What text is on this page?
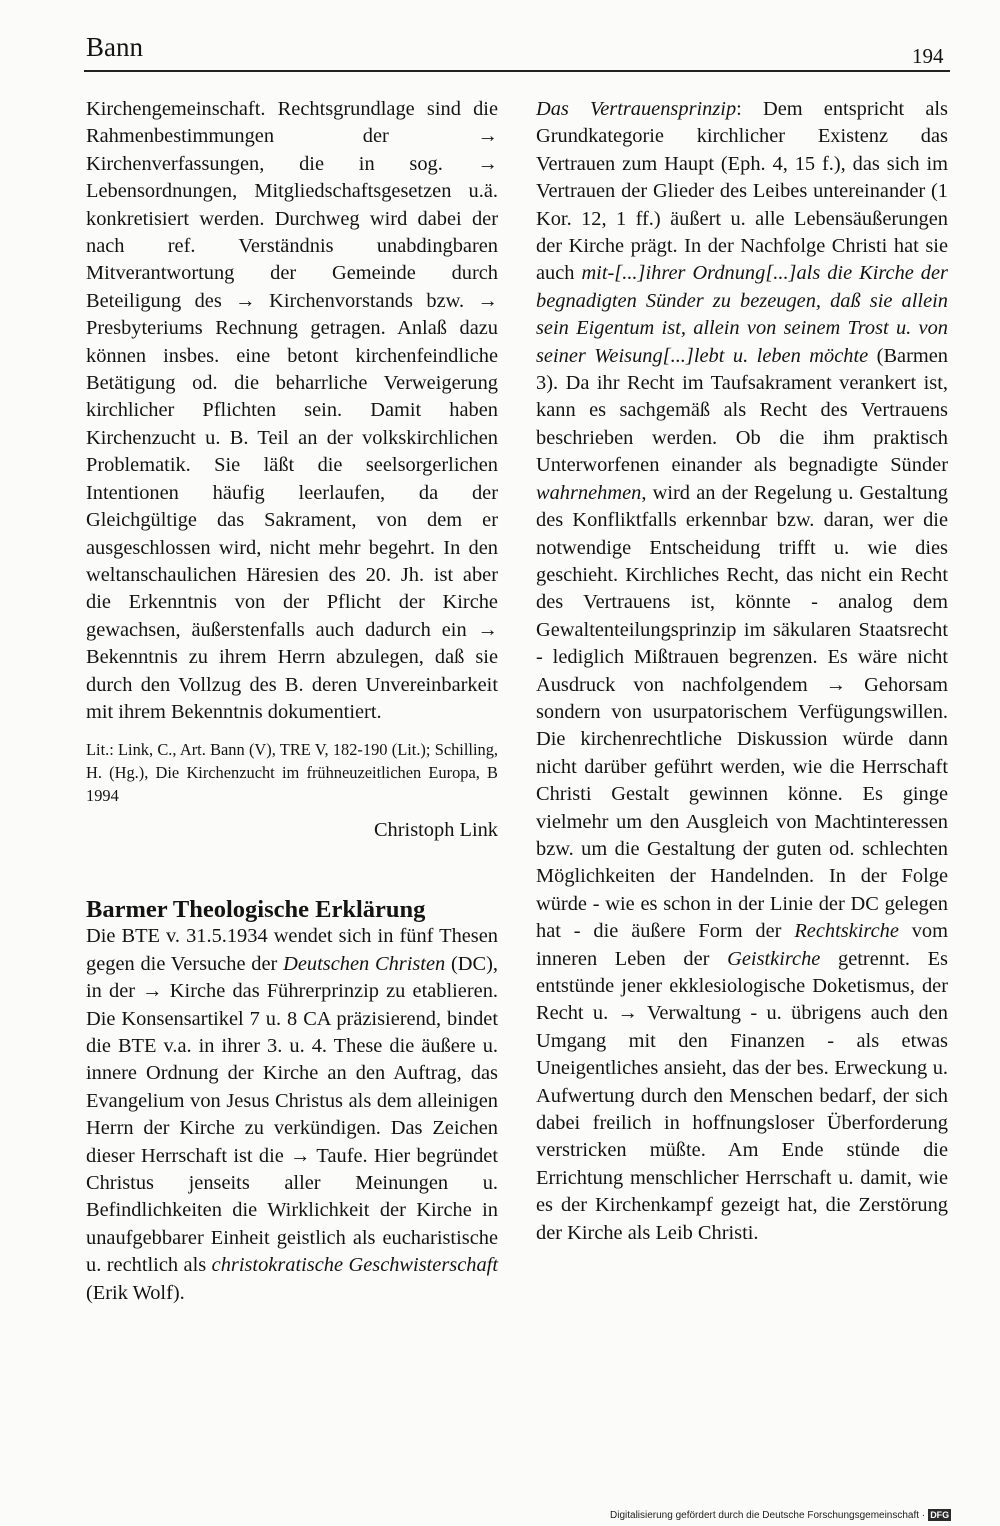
Bann	194

Kirchengemeinschaft. Rechtsgrundlage sind die Rahmenbestimmungen der → Kirchenverfassungen, die in sog. → Lebensordnungen, Mitgliedschaftsgesetzen u.ä. konkretisiert werden. Durchweg wird dabei der nach ref. Verständnis unabdingbaren Mitverantwortung der Gemeinde durch Beteiligung des → Kirchenvorstands bzw. → Presbyteriums Rechnung getragen. Anlaß dazu können insbes. eine betont kirchenfeindliche Betätigung od. die beharrliche Verweigerung kirchlicher Pflichten sein. Damit haben Kirchenzucht u. B. Teil an der volkskirchlichen Problematik. Sie läßt die seelsorgerlichen Intentionen häufig leerlaufen, da der Gleichgültige das Sakrament, von dem er ausgeschlossen wird, nicht mehr begehrt. In den weltanschaulichen Häresien des 20. Jh. ist aber die Erkenntnis von der Pflicht der Kirche gewachsen, äußerstenfalls auch dadurch ein → Bekenntnis zu ihrem Herrn abzulegen, daß sie durch den Vollzug des B. deren Unvereinbarkeit mit ihrem Bekenntnis dokumentiert.

Lit.: Link, C., Art. Bann (V), TRE V, 182-190 (Lit.); Schilling, H. (Hg.), Die Kirchenzucht im frühneuzeitlichen Europa, B 1994
Christoph Link
Barmer Theologische Erklärung

Die BTE v. 31.5.1934 wendet sich in fünf Thesen gegen die Versuche der Deutschen Christen (DC), in der → Kirche das Führerprinzip zu etablieren. Die Konsensartikel 7 u. 8 CA präzisierend, bindet die BTE v.a. in ihrer 3. u. 4. These die äußere u. innere Ordnung der Kirche an den Auftrag, das Evangelium von Jesus Christus als dem alleinigen Herrn der Kirche zu verkündigen. Das Zeichen dieser Herrschaft ist die → Taufe. Hier begründet Christus jenseits aller Meinungen u. Befindlichkeiten die Wirklichkeit der Kirche in unaufgebbarer Einheit geistlich als eucharistische u. rechtlich als christokratische Geschwisterschaft (Erik Wolf).

Das Vertrauensprinzip: Dem entspricht als Grundkategorie kirchlicher Existenz das Vertrauen zum Haupt (Eph. 4, 15 f.), das sich im Vertrauen der Glieder des Leibes untereinander (1 Kor. 12, 1 ff.) äußert u. alle Lebensäußerungen der Kirche prägt. In der Nachfolge Christi hat sie auch mit-[...]ihrer Ordnung[...]als die Kirche der begnadigten Sünder zu bezeugen, daß sie allein sein Eigentum ist, allein von seinem Trost u. von seiner Weisung[...]lebt u. leben möchte (Barmen 3). Da ihr Recht im Taufsakrament verankert ist, kann es sachgemäß als Recht des Vertrauens beschrieben werden. Ob die ihm praktisch Unterworfenen einander als begnadigte Sünder wahrnehmen, wird an der Regelung u. Gestaltung des Konfliktfalls erkennbar bzw. daran, wer die notwendige Entscheidung trifft u. wie dies geschieht. Kirchliches Recht, das nicht ein Recht des Vertrauens ist, könnte - analog dem Gewaltenteilungsprinzip im säkularen Staatsrecht - lediglich Mißtrauen begrenzen. Es wäre nicht Ausdruck von nachfolgendem → Gehorsam sondern von usurpatorischem Verfügungswillen. Die kirchenrechtliche Diskussion würde dann nicht darüber geführt werden, wie die Herrschaft Christi Gestalt gewinnen könne. Es ginge vielmehr um den Ausgleich von Machtinteressen bzw. um die Gestaltung der guten od. schlechten Möglichkeiten der Handelnden. In der Folge würde - wie es schon in der Linie der DC gelegen hat - die äußere Form der Rechtskirche vom inneren Leben der Geistkirche getrennt. Es entstünde jener ekklesiologische Doketismus, der Recht u. → Verwaltung - u. übrigens auch den Umgang mit den Finanzen - als etwas Uneigentliches ansieht, das der bes. Erweckung u. Aufwertung durch den Menschen bedarf, der sich dabei freilich in hoffnungsloser Überforderung verstricken müßte. Am Ende stünde die Errichtung menschlicher Herrschaft u. damit, wie es der Kirchenkampf gezeigt hat, die Zerstörung der Kirche als Leib Christi.

Digitalisierung gefördert durch die Deutsche Forschungsgemeinschaft · DFG
